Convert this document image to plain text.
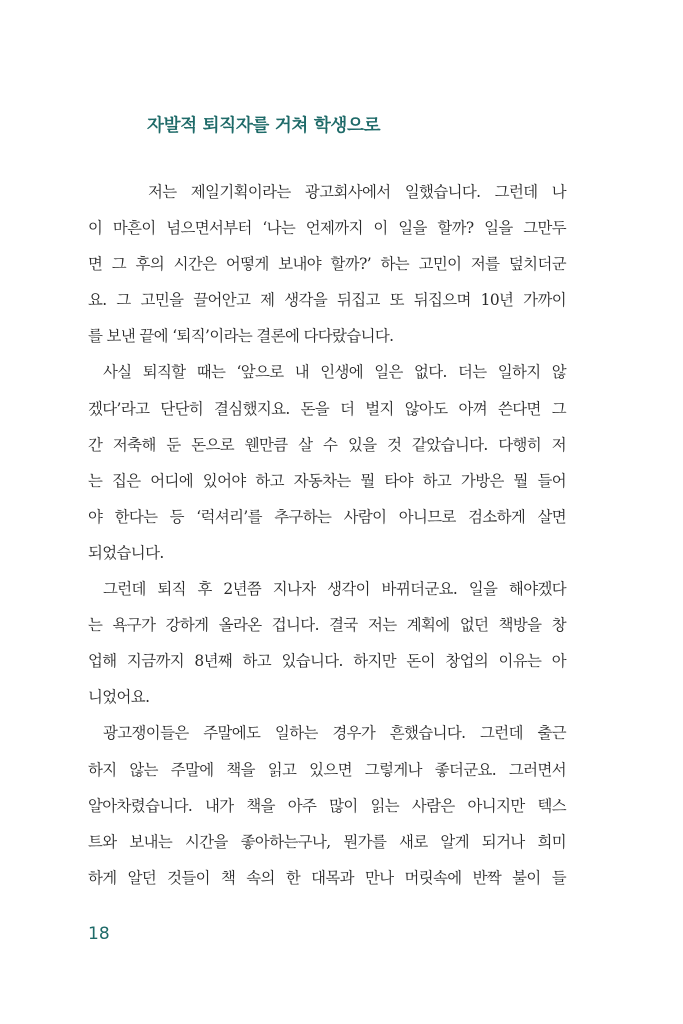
자발적 퇴직자를 거쳐 학생으로
저는 제일기획이라는 광고회사에서 일했습니다. 그런데 나
이 마흔이 넘으면서부터 ‘나는 언제까지 이 일을 할까? 일을 그만두
면 그 후의 시간은 어떻게 보내야 할까?’ 하는 고민이 저를 덮치더군
요. 그 고민을 끌어안고 제 생각을 뒤집고 또 뒤집으며 10년 가까이
를 보낸 끝에 ‘퇴직’이라는 결론에 다다랐습니다.
사실 퇴직할 때는 ‘앞으로 내 인생에 일은 없다. 더는 일하지 않
겠다’라고 단단히 결심했지요. 돈을 더 벌지 않아도 아껴 쓴다면 그
간 저축해 둔 돈으로 웬만큼 살 수 있을 것 같았습니다. 다행히 저
는 집은 어디에 있어야 하고 자동차는 뭘 타야 하고 가방은 뭘 들어
야 한다는 등 ‘럭셔리’를 추구하는 사람이 아니므로 검소하게 살면
되었습니다.
그런데 퇴직 후 2년쯤 지나자 생각이 바뀌더군요. 일을 해야겠다
는 욕구가 강하게 올라온 겁니다. 결국 저는 계획에 없던 책방을 창
업해 지금까지 8년째 하고 있습니다. 하지만 돈이 창업의 이유는 아
니었어요.
광고쟁이들은 주말에도 일하는 경우가 흔했습니다. 그런데 출근
하지 않는 주말에 책을 읽고 있으면 그렇게나 좋더군요. 그러면서
알아차렸습니다. 내가 책을 아주 많이 읽는 사람은 아니지만 텍스
트와 보내는 시간을 좋아하는구나, 뭔가를 새로 알게 되거나 희미
하게 알던 것들이 책 속의 한 대목과 만나 머릿속에 반짝 불이 들
18
